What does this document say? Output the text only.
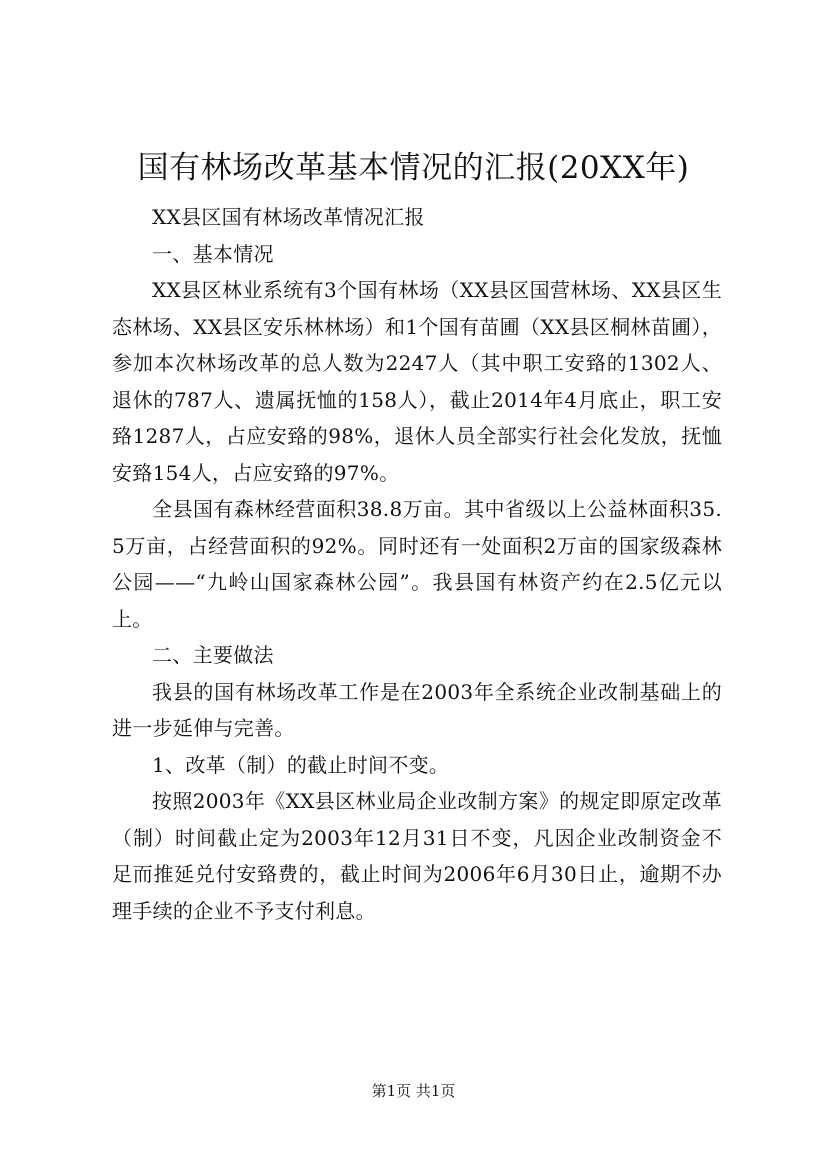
国有林场改革基本情况的汇报(20XX年)

XX县区国有林场改革情况汇报

一、基本情况

XX县区林业系统有3个国有林场（XX县区国营林场、XX县区生态林场、XX县区安乐林林场）和1个国有苗圃（XX县区桐林苗圃），参加本次林场改革的总人数为2247人（其中职工安臵的1302人、退休的787人、遗属抚恤的158人），截止2014年4月底止，职工安臵1287人，占应安臵的98%，退休人员全部实行社会化发放，抚恤安臵154人，占应安臵的97%。

全县国有森林经营面积38.8万亩。其中省级以上公益林面积35.5万亩，占经营面积的92%。同时还有一处面积2万亩的国家级森林公园——“九岭山国家森林公园”。我县国有林资产约在2.5亿元以上。

二、主要做法

我县的国有林场改革工作是在2003年全系统企业改制基础上的进一步延伸与完善。

1、改革（制）的截止时间不变。

按照2003年《XX县区林业局企业改制方案》的规定即原定改革（制）时间截止定为2003年12月31日不变，凡因企业改制资金不足而推延兑付安臵费的，截止时间为2006年6月30日止，逾期不办理手续的企业不予支付利息。

第1页 共1页
